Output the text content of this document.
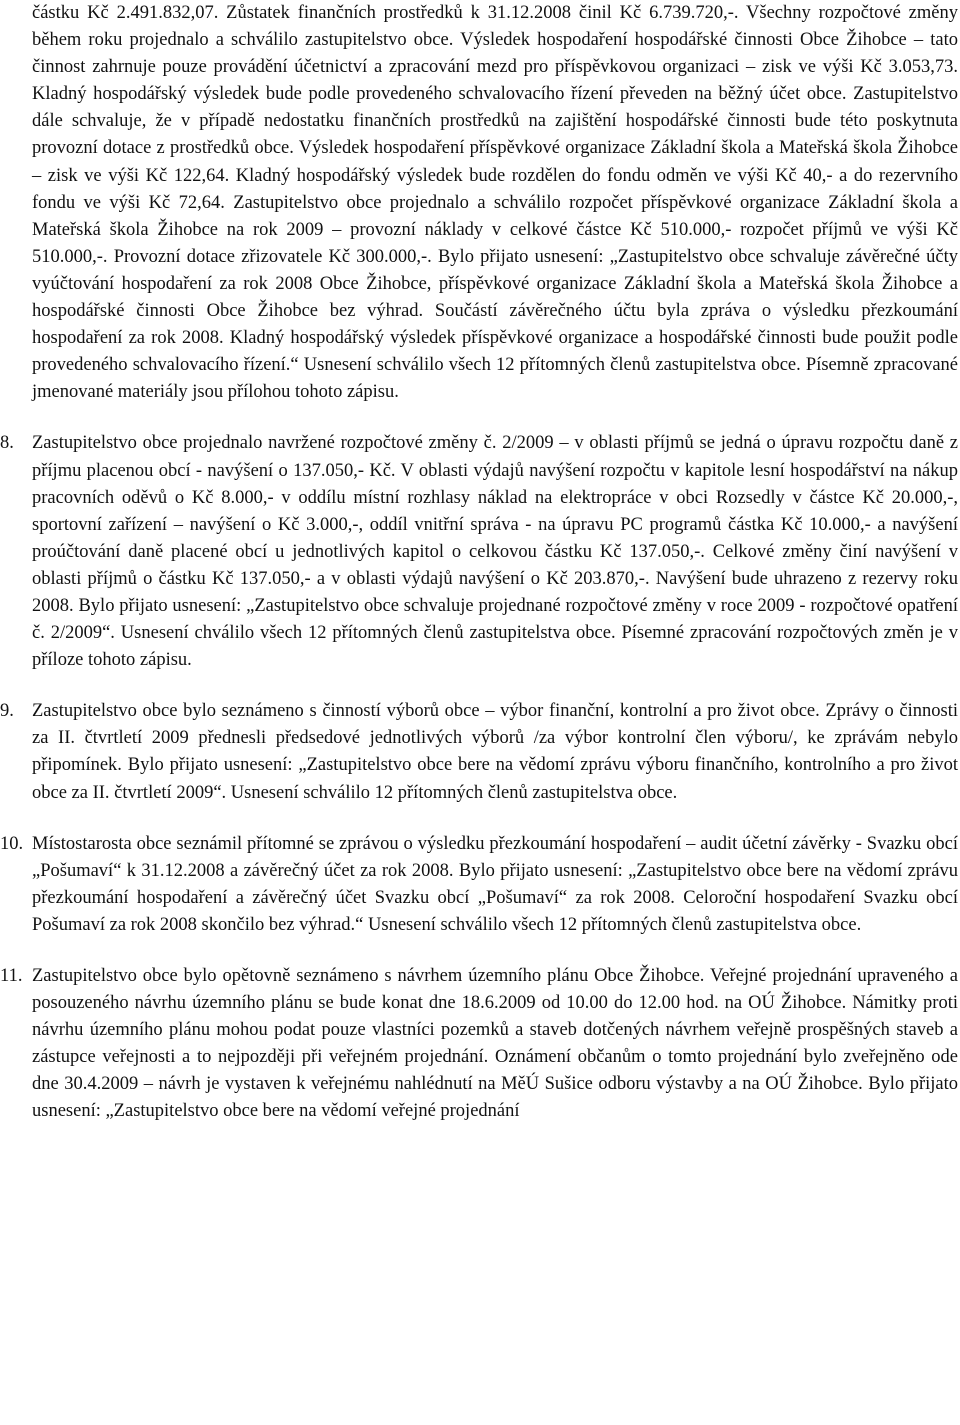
částku Kč 2.491.832,07. Zůstatek finančních prostředků k 31.12.2008 činil Kč 6.739.720,-. Všechny rozpočtové změny během roku projednalo a schválilo zastupitelstvo obce. Výsledek hospodaření hospodářské činnosti Obce Žihobce – tato činnost zahrnuje pouze provádění účetnictví a zpracování mezd pro příspěvkovou organizaci – zisk ve výši Kč 3.053,73. Kladný hospodářský výsledek bude podle provedeného schvalovacího řízení převeden na běžný účet obce. Zastupitelstvo dále schvaluje, že v případě nedostatku finančních prostředků na zajištění hospodářské činnosti bude této poskytnuta provozní dotace z prostředků obce. Výsledek hospodaření příspěvkové organizace Základní škola a Mateřská škola Žihobce – zisk ve výši Kč 122,64. Kladný hospodářský výsledek bude rozdělen do fondu odměn ve výši Kč 40,- a do rezervního fondu ve výši Kč 72,64. Zastupitelstvo obce projednalo a schválilo rozpočet příspěvkové organizace Základní škola a Mateřská škola Žihobce na rok 2009 – provozní náklady v celkové částce Kč 510.000,- rozpočet příjmů ve výši Kč 510.000,-. Provozní dotace zřizovatele Kč 300.000,-. Bylo přijato usnesení: „Zastupitelstvo obce schvaluje závěrečné účty vyúčtování hospodaření za rok 2008 Obce Žihobce, příspěvkové organizace Základní škola a Mateřská škola Žihobce a hospodářské činnosti Obce Žihobce bez výhrad. Součástí závěrečného účtu byla zpráva o výsledku přezkoumání hospodaření za rok 2008. Kladný hospodářský výsledek příspěvkové organizace a hospodářské činnosti bude použit podle provedeného schvalovacího řízení.“ Usnesení schválilo všech 12 přítomných členů zastupitelstva obce. Písemně zpracované jmenované materiály jsou přílohou tohoto zápisu.

8. Zastupitelstvo obce projednalo navržené rozpočtové změny č. 2/2009 – v oblasti příjmů se jedná o úpravu rozpočtu daně z příjmu placenou obcí - navýšení o 137.050,- Kč. V oblasti výdajů navýšení rozpočtu v kapitole lesní hospodářství na nákup pracovních oděvů o Kč 8.000,- v oddílu místní rozhlasy náklad na elektropráce v obci Rozsedly v částce Kč 20.000,-, sportovní zařízení – navýšení o Kč 3.000,-, oddíl vnitřní správa - na úpravu PC programů částka Kč 10.000,- a navýšení proúčtování daně placené obcí u jednotlivých kapitol o celkovou částku Kč 137.050,-. Celkové změny činí navýšení v oblasti příjmů o částku Kč 137.050,- a v oblasti výdajů navýšení o Kč 203.870,-. Navýšení bude uhrazeno z rezervy roku 2008. Bylo přijato usnesení: „Zastupitelstvo obce schvaluje projednané rozpočtové změny v roce 2009 - rozpočtové opatření č. 2/2009“. Usnesení chválilo všech 12 přítomných členů zastupitelstva obce. Písemné zpracování rozpočtových změn je v příloze tohoto zápisu.

9. Zastupitelstvo obce bylo seznámeno s činností výborů obce – výbor finanční, kontrolní a pro život obce. Zprávy o činnosti za II. čtvrtletí 2009 přednesli předsedové jednotlivých výborů /za výbor kontrolní člen výboru/, ke zprávám nebylo připomínek. Bylo přijato usnesení: „Zastupitelstvo obce bere na vědomí zprávu výboru finančního, kontrolního a pro život obce za II. čtvrtletí 2009“. Usnesení schválilo 12 přítomných členů zastupitelstva obce.

10. Místostarosta obce seznámil přítomné se zprávou o výsledku přezkoumání hospodaření – audit účetní závěrky - Svazku obcí „Pošumaví“ k 31.12.2008 a závěrečný účet za rok 2008. Bylo přijato usnesení: „Zastupitelstvo obce bere na vědomí zprávu přezkoumání hospodaření a závěrečný účet Svazku obcí „Pošumaví“ za rok 2008. Celoroční hospodaření Svazku obcí Pošumaví za rok 2008 skončilo bez výhrad.“ Usnesení schválilo všech 12 přítomných členů zastupitelstva obce.

11. Zastupitelstvo obce bylo opětovně seznámeno s návrhem územního plánu Obce Žihobce. Veřejné projednání upraveného a posouzeného návrhu územního plánu se bude konat dne 18.6.2009 od 10.00 do 12.00 hod. na OÚ Žihobce. Námitky proti návrhu územního plánu mohou podat pouze vlastníci pozemků a staveb dotčených návrhem veřejně prospěšných staveb a zástupce veřejnosti a to nejpozději při veřejném projednání. Oznámení občanům o tomto projednání bylo zveřejněno ode dne 30.4.2009 – návrh je vystaven k veřejnému nahlédnutí na MěÚ Sušice odboru výstavby a na OÚ Žihobce. Bylo přijato usnesení: „Zastupitelstvo obce bere na vědomí veřejné projednání
